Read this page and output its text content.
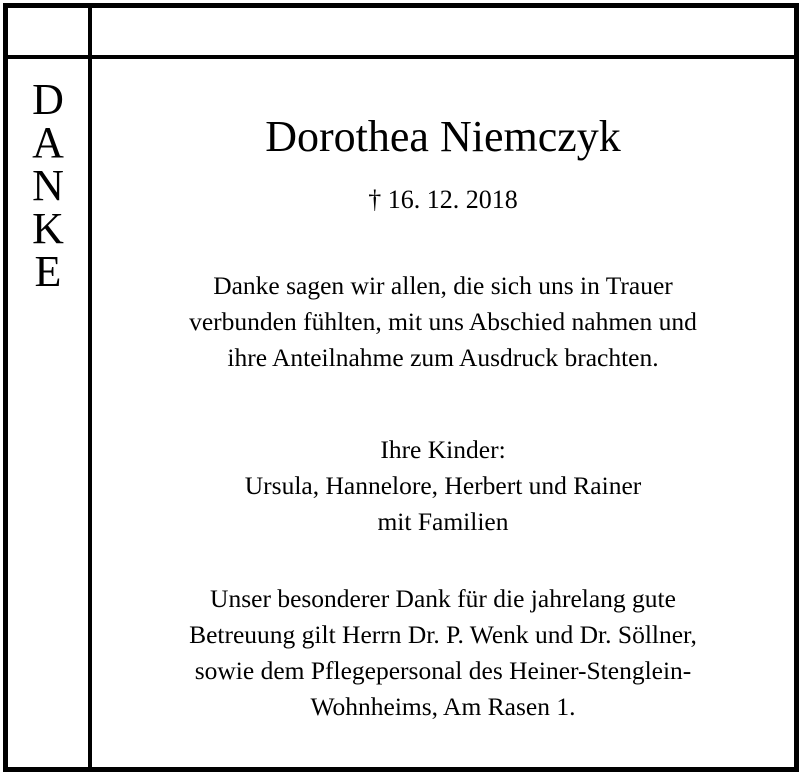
D
A
N
K
E
Dorothea Niemczyk
† 16. 12. 2018
Danke sagen wir allen, die sich uns in Trauer
verbunden fühlten, mit uns Abschied nahmen und
ihre Anteilnahme zum Ausdruck brachten.
Ihre Kinder:
Ursula, Hannelore, Herbert und Rainer
mit Familien
Unser besonderer Dank für die jahrelang gute
Betreuung gilt Herrn Dr. P. Wenk und Dr. Söllner,
sowie dem Pflegepersonal des Heiner-Stenglein-
Wohnheims, Am Rasen 1.
